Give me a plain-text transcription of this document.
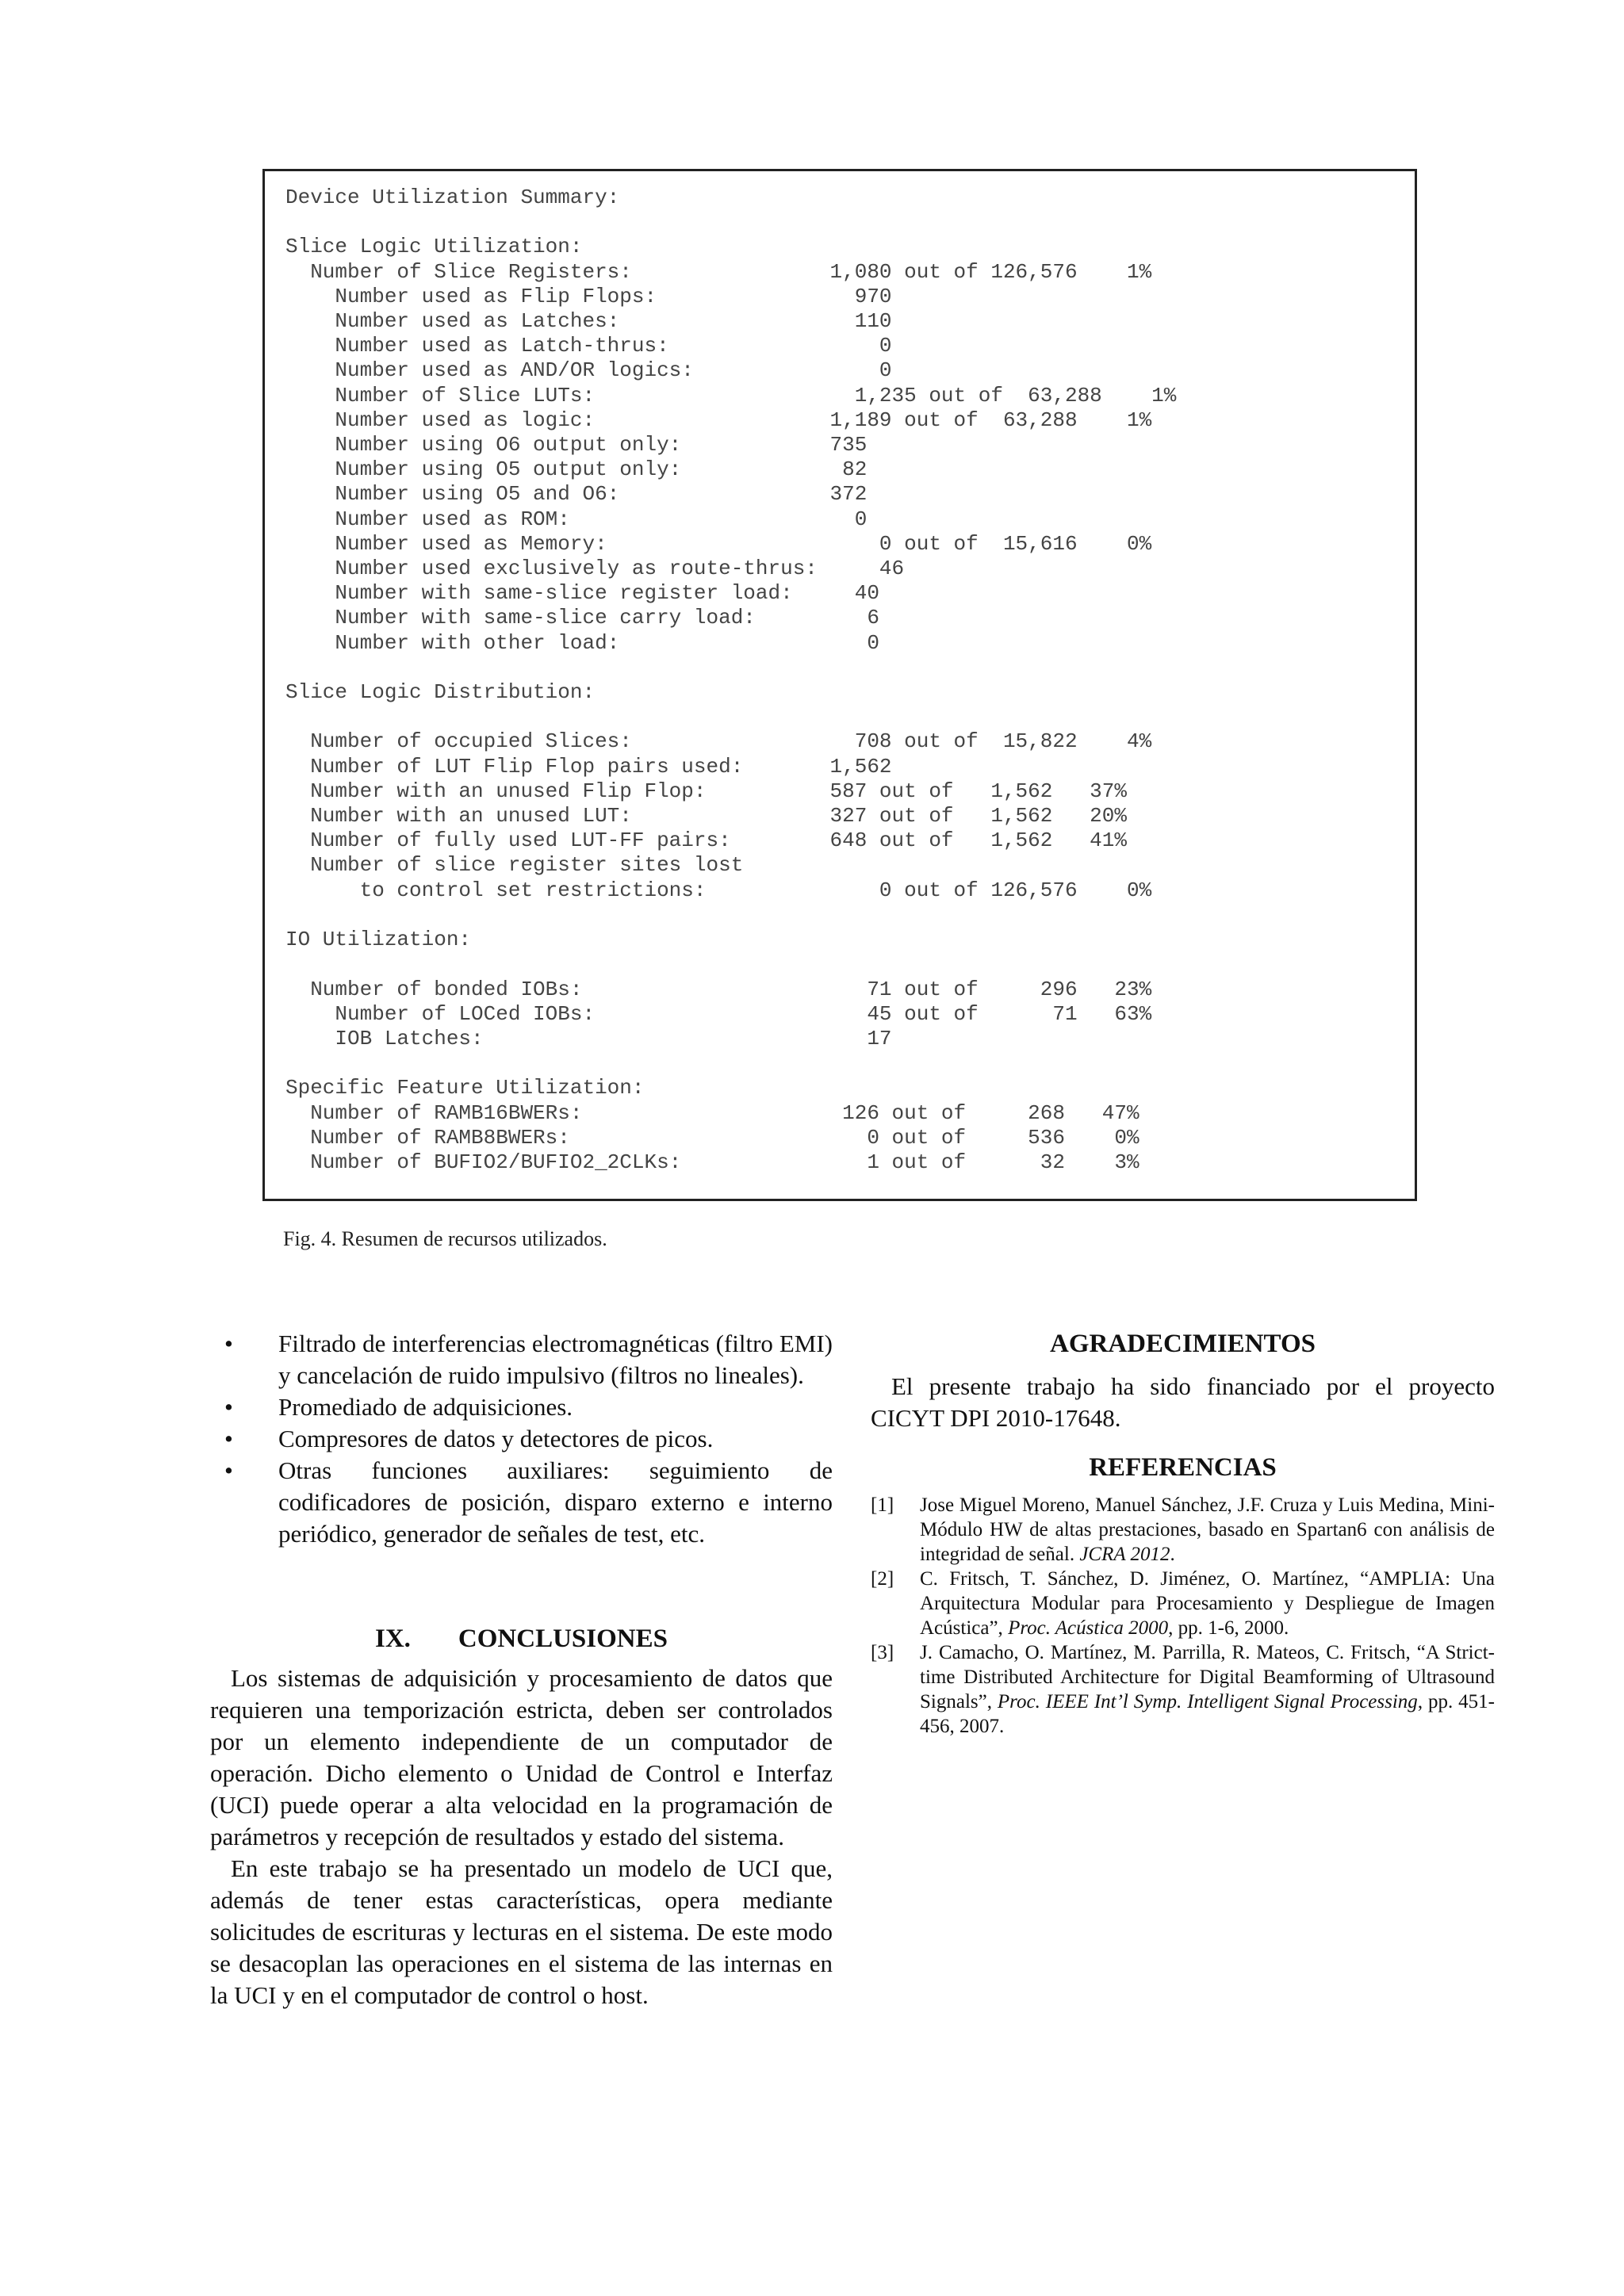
Device Utilization Summary:

Slice Logic Utilization:
Number of Slice Registers:                1,080 out of 126,576    1%
Number used as Flip Flops:                970
Number used as Latches:                   110
Number used as Latch-thrus:                 0
Number used as AND/OR logics:               0
Number of Slice LUTs:                     1,235 out of  63,288    1%
Number used as logic:                   1,189 out of  63,288    1%
Number using O6 output only:            735
Number using O5 output only:             82
Number using O5 and O6:                 372
Number used as ROM:                       0
Number used as Memory:                      0 out of  15,616    0%
Number used exclusively as route-thrus:     46
Number with same-slice register load:     40
Number with same-slice carry load:         6
Number with other load:                    0

Slice Logic Distribution:

Number of occupied Slices:                  708 out of  15,822    4%
Number of LUT Flip Flop pairs used:       1,562
Number with an unused Flip Flop:          587 out of   1,562   37%
Number with an unused LUT:                327 out of   1,562   20%
Number of fully used LUT-FF pairs:        648 out of   1,562   41%
Number of slice register sites lost
to control set restrictions:              0 out of 126,576    0%

IO Utilization:

Number of bonded IOBs:                       71 out of     296   23%
Number of LOCed IOBs:                      45 out of      71   63%
IOB Latches:                               17

Specific Feature Utilization:
Number of RAMB16BWERs:                     126 out of     268   47%
Number of RAMB8BWERs:                        0 out of     536    0%
Number of BUFIO2/BUFIO2_2CLKs:               1 out of      32    3%
Fig. 4. Resumen de recursos utilizados.
• Filtrado de interferencias electromagnéticas (filtro EMI) y cancelación de ruido impulsivo (filtros no lineales).
• Promediado de adquisiciones.
• Compresores de datos y detectores de picos.
• Otras funciones auxiliares: seguimiento de codificadores de posición, disparo externo e interno periódico, generador de señales de test, etc.
IX. CONCLUSIONES

Los sistemas de adquisición y procesamiento de datos que requieren una temporización estricta, deben ser controlados por un elemento independiente de un computador de operación. Dicho elemento o Unidad de Control e Interfaz (UCI) puede operar a alta velocidad en la programación de parámetros y recepción de resultados y estado del sistema.

En este trabajo se ha presentado un modelo de UCI que, además de tener estas características, opera mediante solicitudes de escrituras y lecturas en el sistema. De este modo se desacoplan las operaciones en el sistema de las internas en la UCI y en el computador de control o host.

AGRADECIMIENTOS

El presente trabajo ha sido financiado por el proyecto CICYT DPI 2010-17648.

REFERENCIAS
[1] Jose Miguel Moreno, Manuel Sánchez, J.F. Cruza y Luis Medina, Mini-Módulo HW de altas prestaciones, basado en Spartan6 con análisis de integridad de señal. JCRA 2012.
[2] C. Fritsch, T. Sánchez, D. Jiménez, O. Martínez, “AMPLIA: Una Arquitectura Modular para Procesamiento y Despliegue de Imagen Acústica”, Proc. Acústica 2000, pp. 1-6, 2000.
[3] J. Camacho, O. Martínez, M. Parrilla, R. Mateos, C. Fritsch, “A Strict-time Distributed Architecture for Digital Beamforming of Ultrasound Signals”, Proc. IEEE Int’l Symp. Intelligent Signal Processing, pp. 451-456, 2007.
